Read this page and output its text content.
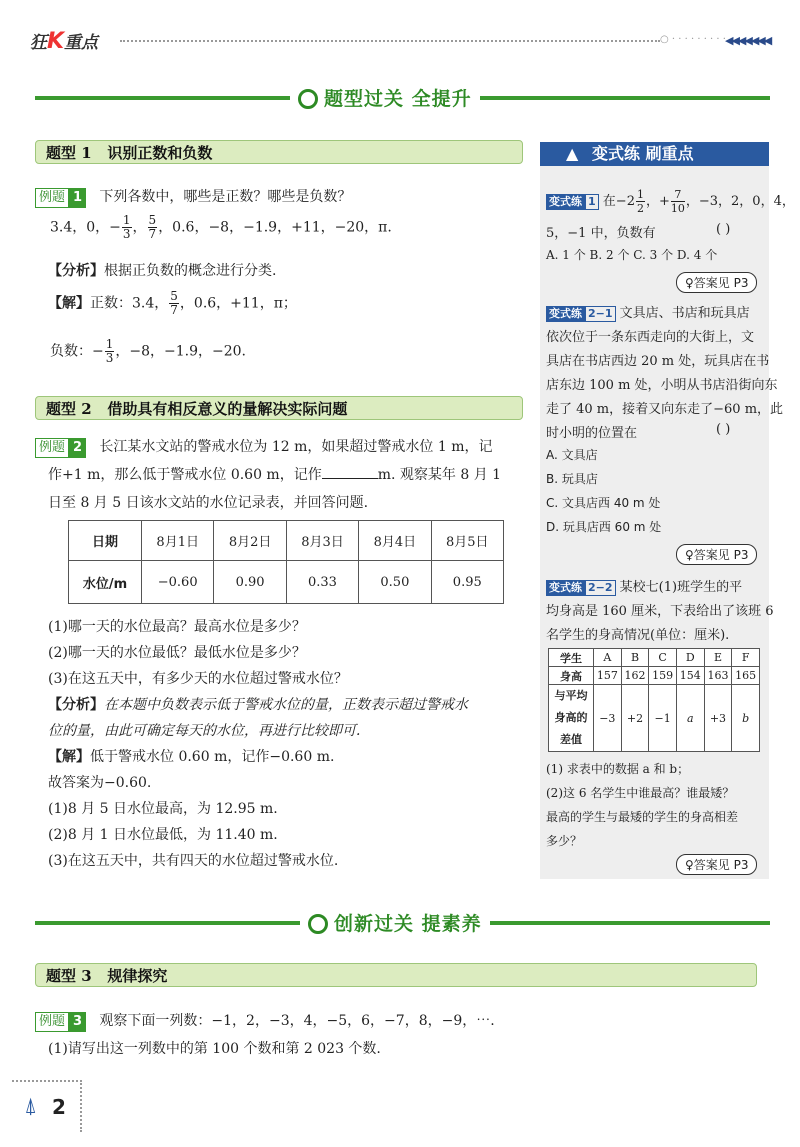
狂K重点	○ · · · · · · · · · ◀◀◀◀◀◀◀
题型过关 全提升
题型 1 识别正数和负数
例题 1 下列各数中，哪些是正数？哪些是负数？
3.4，0，− $\frac{1}{3}$ ， $\frac{5}{7}$ ，0.6，−8，−1.9，+11，−20，π.
【分析】根据正负数的概念进行分类.
【解】正数：3.4， $\frac{5}{7}$ ，0.6，+11，π；
负数：− $\frac{1}{3}$ ，−8，−1.9，−20.
题型 2 借助具有相反意义的量解决实际问题
例题 2 长江某水文站的警戒水位为 12 m，如果超过警戒水位 1 m，记
作+1 m，那么低于警戒水位 0.60 m，记作	m. 观察某年 8 月 1
日至 8 月 5 日该水文站的水位记录表，并回答问题.
日期	8月1日	8月2日	8月3日	8月4日	8月5日
水位/m	−0.60	0.90	0.33	0.50	0.95
(1)哪一天的水位最高？最高水位是多少？
(2)哪一天的水位最低？最低水位是多少？
(3)在这五天中，有多少天的水位超过警戒水位？
【分析】在本题中负数表示低于警戒水位的量，正数表示超过警戒水
位的量，由此可确定每天的水位，再进行比较即可.
【解】低于警戒水位 0.60 m，记作−0.60 m.
故答案为−0.60.
(1)8 月 5 日水位最高，为 12.95 m.
(2)8 月 1 日水位最低，为 11.40 m.
(3)在这五天中，共有四天的水位超过警戒水位.
▲ 变式练 刷重点
变式练 1 在$-2 \frac{1}{2}$ ，+ $\frac{7}{10}$ ，−3，2，0，4，
5，−1 中，负数有	( )
A. 1 个 B. 2 个 C. 3 个 D. 4 个
♀答案见 P3
变式练 2−1 文具店、书店和玩具店
依次位于一条东西走向的大街上，文
具店在书店西边 20 m 处，玩具店在书
店东边 100 m 处，小明从书店沿街向东
走了 40 m，接着又向东走了−60 m，此
时小明的位置在	( )
A. 文具店
B. 玩具店
C. 文具店西 40 m 处
D. 玩具店西 60 m 处
♀答案见 P3
变式练 2−2 某校七(1)班学生的平
均身高是 160 厘米，下表给出了该班 6
名学生的身高情况(单位：厘米).
学生	A	B	C	D	E	F
身高	157	162	159	154	163	165
与平均
身高的
差值	−3	+2	−1	a	+3	b
(1) 求表中的数据 a 和 b；
(2)这 6 名学生中谁最高？谁最矮？
最高的学生与最矮的学生的身高相差
多少？
♀答案见 P3
创新过关 提素养
题型 3 规律探究
例题 3 观察下面一列数：−1，2，−3，4，−5，6，−7，8，−9，⋯.
(1)请写出这一列数中的第 100 个数和第 2 023 个数.
⍋ 2
